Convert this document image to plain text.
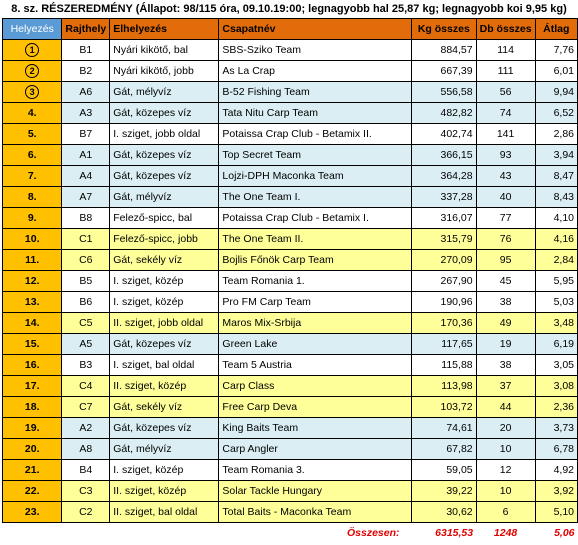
8. sz. RÉSZEREDMÉNY (Állapot: 98/115 óra, 09.10.19:00; legnagyobb hal 25,87 kg; legnagyobb koi 9,95 kg)
Helyezés	Rajthely	Elhelyezés	Csapatnév	Kg összes	Db összes	Átlag
1	B1	Nyári kikötő, bal	SBS-Sziko Team	884,57	114	7,76
2	B2	Nyári kikötő, jobb	As La Crap	667,39	111	6,01
3	A6	Gát, mélyvíz	B-52 Fishing Team	556,58	56	9,94
4.	A3	Gát, közepes víz	Tata Nitu Carp Team	482,82	74	6,52
5.	B7	I. sziget, jobb oldal	Potaissa Crap Club - Betamix II.	402,74	141	2,86
6.	A1	Gát, közepes víz	Top Secret Team	366,15	93	3,94
7.	A4	Gát, közepes víz	Lojzi-DPH Maconka Team	364,28	43	8,47
8.	A7	Gát, mélyvíz	The One Team I.	337,28	40	8,43
9.	B8	Felező-spicc, bal	Potaissa Crap Club - Betamix I.	316,07	77	4,10
10.	C1	Felező-spicc, jobb	The One Team II.	315,79	76	4,16
11.	C6	Gát, sekély víz	Bojlis Főnök Carp Team	270,09	95	2,84
12.	B5	I. sziget, közép	Team Romania 1.	267,90	45	5,95
13.	B6	I. sziget, közép	Pro FM Carp Team	190,96	38	5,03
14.	C5	II. sziget, jobb oldal	Maros Mix-Srbija	170,36	49	3,48
15.	A5	Gát, közepes víz	Green Lake	117,65	19	6,19
16.	B3	I. sziget, bal oldal	Team 5 Austria	115,88	38	3,05
17.	C4	II. sziget, közép	Carp Class	113,98	37	3,08
18.	C7	Gát, sekély víz	Free Carp Deva	103,72	44	2,36
19.	A2	Gát, közepes víz	King Baits Team	74,61	20	3,73
20.	A8	Gát, mélyvíz	Carp Angler	67,82	10	6,78
21.	B4	I. sziget, közép	Team Romania 3.	59,05	12	4,92
22.	C3	II. sziget, közép	Solar Tackle Hungary	39,22	10	3,92
23.	C2	II. sziget, bal oldal	Total Baits - Maconka Team	30,62	6	5,10
			Összesen:	6315,53	1248	5,06
